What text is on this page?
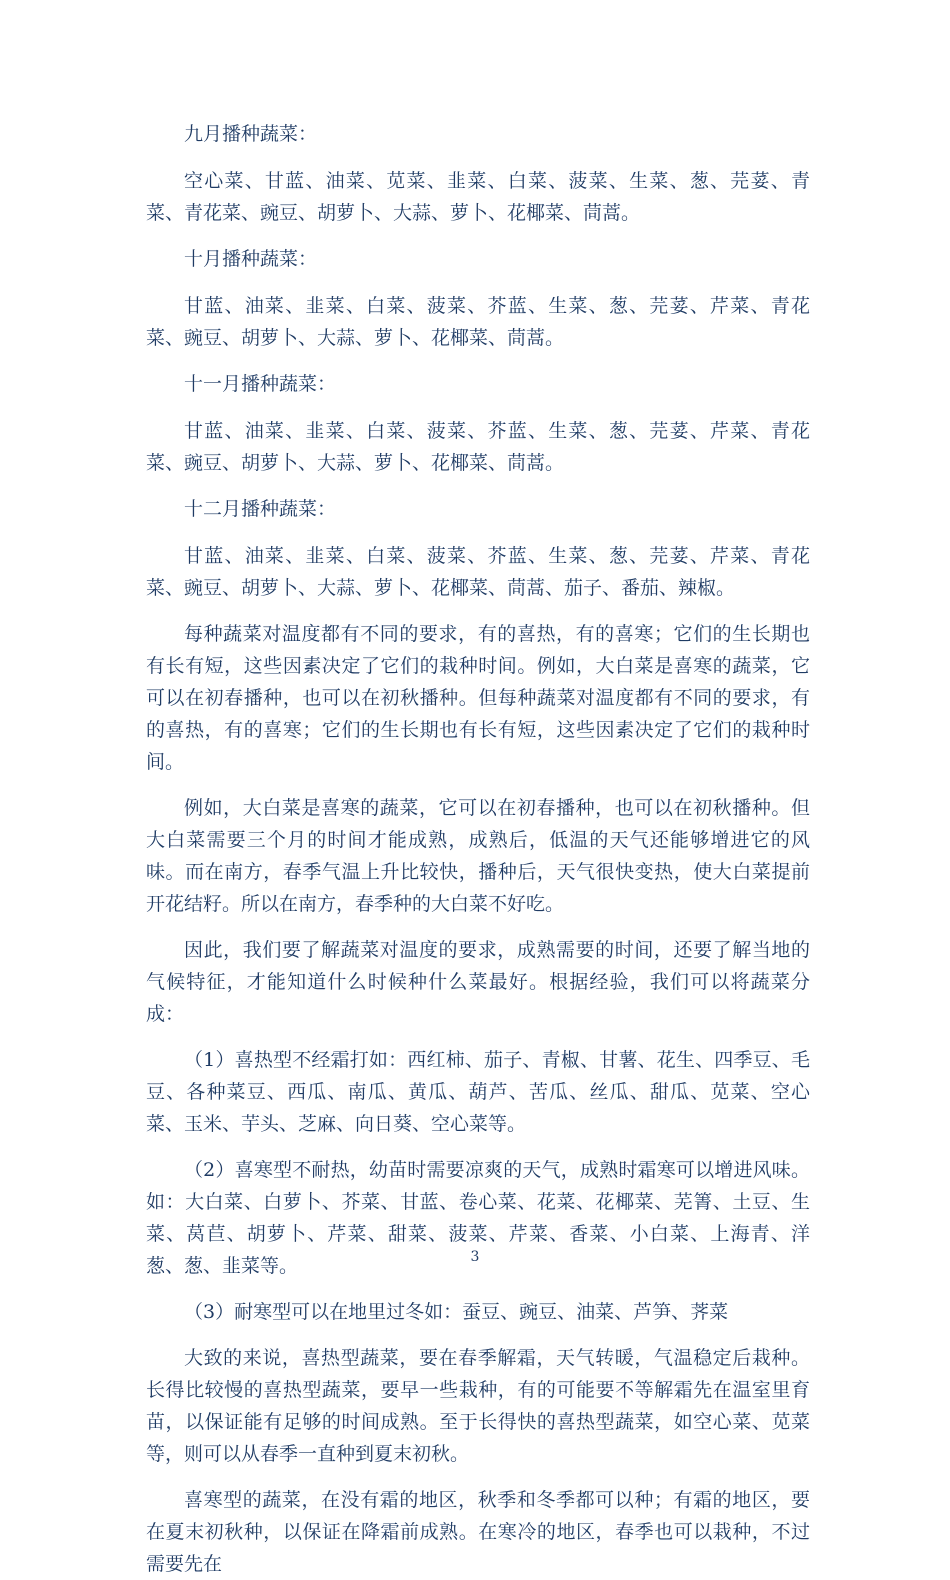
九月播种蔬菜：

空心菜、甘蓝、油菜、苋菜、韭菜、白菜、菠菜、生菜、葱、芫荽、青菜、青花菜、豌豆、胡萝卜、大蒜、萝卜、花椰菜、茼蒿。

十月播种蔬菜：

甘蓝、油菜、韭菜、白菜、菠菜、芥蓝、生菜、葱、芫荽、芹菜、青花菜、豌豆、胡萝卜、大蒜、萝卜、花椰菜、茼蒿。

十一月播种蔬菜：

甘蓝、油菜、韭菜、白菜、菠菜、芥蓝、生菜、葱、芫荽、芹菜、青花菜、豌豆、胡萝卜、大蒜、萝卜、花椰菜、茼蒿。

十二月播种蔬菜：

甘蓝、油菜、韭菜、白菜、菠菜、芥蓝、生菜、葱、芫荽、芹菜、青花菜、豌豆、胡萝卜、大蒜、萝卜、花椰菜、茼蒿、茄子、番茄、辣椒。

每种蔬菜对温度都有不同的要求，有的喜热，有的喜寒；它们的生长期也有长有短，这些因素决定了它们的栽种时间。例如，大白菜是喜寒的蔬菜，它可以在初春播种，也可以在初秋播种。但每种蔬菜对温度都有不同的要求，有的喜热，有的喜寒；它们的生长期也有长有短，这些因素决定了它们的栽种时间。

例如，大白菜是喜寒的蔬菜，它可以在初春播种，也可以在初秋播种。但大白菜需要三个月的时间才能成熟，成熟后，低温的天气还能够增进它的风味。而在南方，春季气温上升比较快，播种后，天气很快变热，使大白菜提前开花结籽。所以在南方，春季种的大白菜不好吃。

因此，我们要了解蔬菜对温度的要求，成熟需要的时间，还要了解当地的气候特征，才能知道什么时候种什么菜最好。根据经验，我们可以将蔬菜分成：

（1）喜热型不经霜打如：西红柿、茄子、青椒、甘薯、花生、四季豆、毛豆、各种菜豆、西瓜、南瓜、黄瓜、葫芦、苦瓜、丝瓜、甜瓜、苋菜、空心菜、玉米、芋头、芝麻、向日葵、空心菜等。

（2）喜寒型不耐热，幼苗时需要凉爽的天气，成熟时霜寒可以增进风味。如：大白菜、白萝卜、芥菜、甘蓝、卷心菜、花菜、花椰菜、芜箐、土豆、生菜、莴苣、胡萝卜、芹菜、甜菜、菠菜、芹菜、香菜、小白菜、上海青、洋葱、葱、韭菜等。

（3）耐寒型可以在地里过冬如：蚕豆、豌豆、油菜、芦笋、荠菜

大致的来说，喜热型蔬菜，要在春季解霜，天气转暖，气温稳定后栽种。长得比较慢的喜热型蔬菜，要早一些栽种，有的可能要不等解霜先在温室里育苗，以保证能有足够的时间成熟。至于长得快的喜热型蔬菜，如空心菜、苋菜等，则可以从春季一直种到夏末初秋。

喜寒型的蔬菜，在没有霜的地区，秋季和冬季都可以种；有霜的地区，要在夏末初秋种，以保证在降霜前成熟。在寒冷的地区，春季也可以栽种，不过需要先在

3
